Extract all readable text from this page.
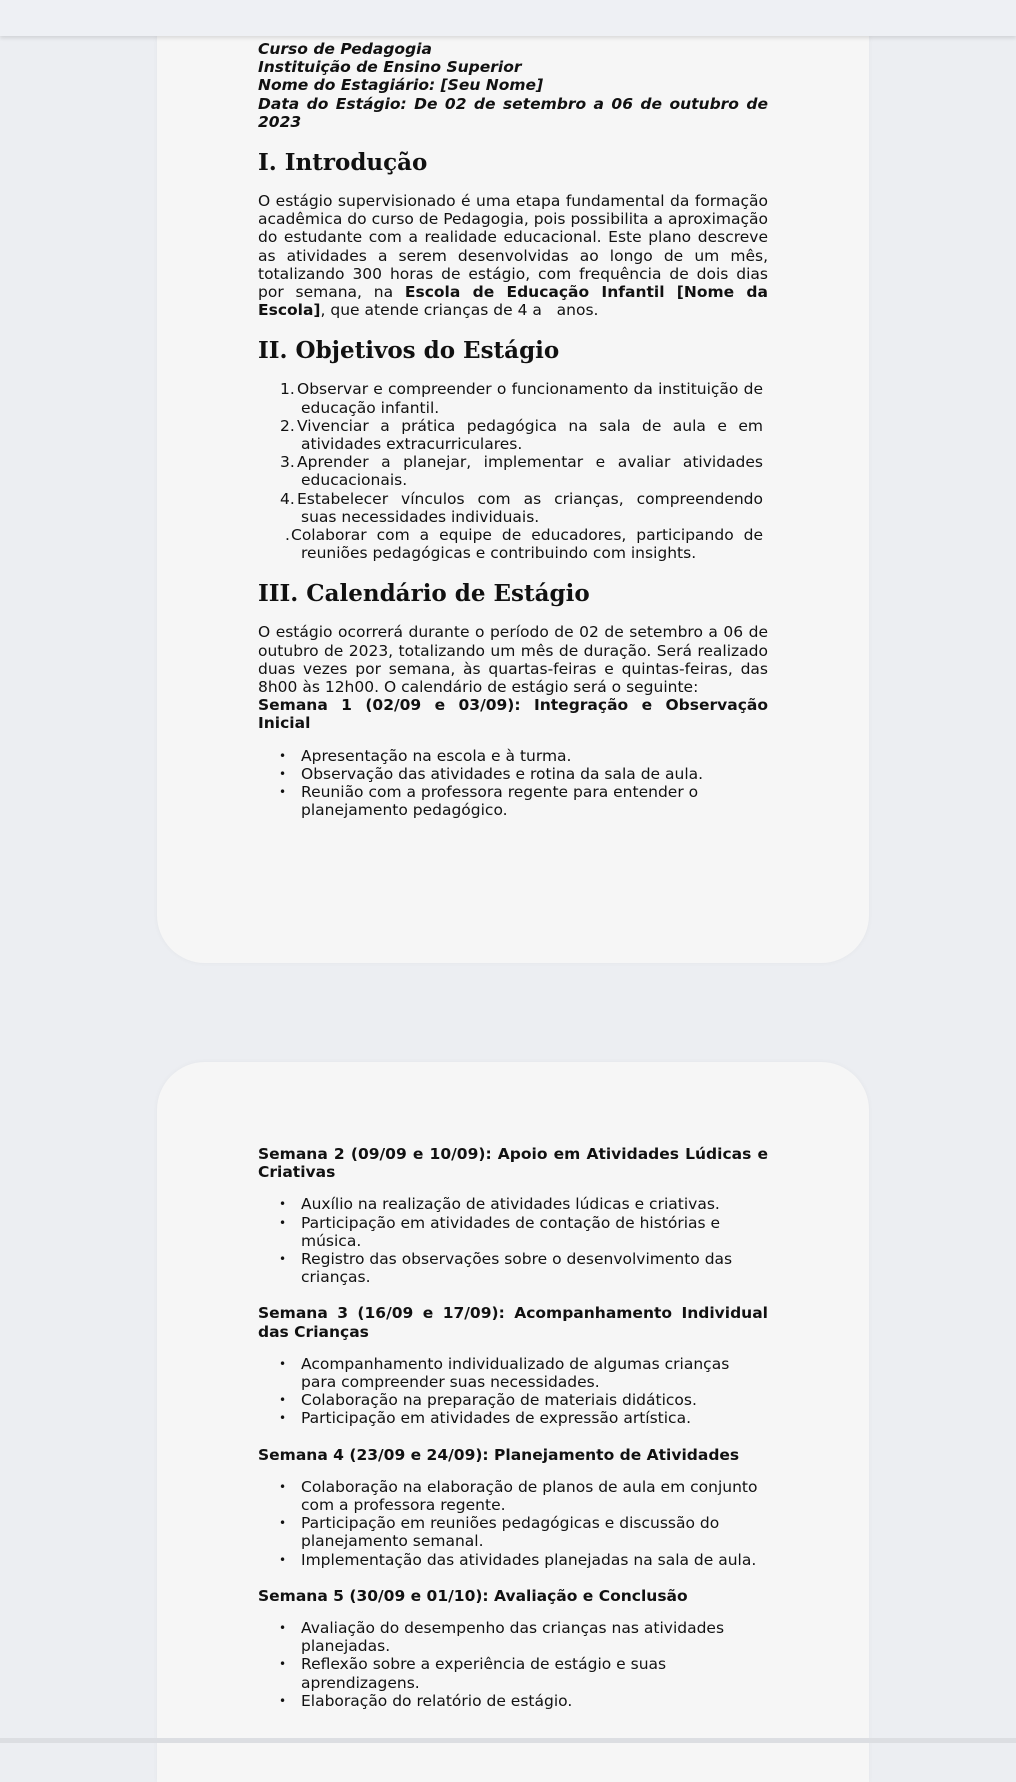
Curso de Pedagogia
Instituição de Ensino Superior
Nome do Estagiário: [Seu Nome]
Data do Estágio: De 02 de setembro a 06 de outubro de 2023
I. Introdução

O estágio supervisionado é uma etapa fundamental da formação acadêmica do curso de Pedagogia, pois possibilita a aproximação do estudante com a realidade educacional. Este plano descreve as atividades a serem desenvolvidas ao longo de um mês, totalizando 300 horas de estágio, com frequência de dois dias por semana, na Escola de Educação Infantil [Nome da Escola], que atende crianças de 4 a   anos.

II. Objetivos do Estágio
1. 1. Observar e compreender o funcionamento da instituição de educação infantil.
2. 2. Vivenciar a prática pedagógica na sala de aula e em atividades extracurriculares.
3. 3. Aprender a planejar, implementar e avaliar atividades educacionais.
4. 4. Estabelecer vínculos com as crianças, compreendendo suas necessidades individuais.
5. .Colaborar com a equipe de educadores, participando de reuniões pedagógicas e contribuindo com insights.
III. Calendário de Estágio

O estágio ocorrerá durante o período de 02 de setembro a 06 de outubro de 2023, totalizando um mês de duração. Será realizado duas vezes por semana, às quartas-feiras e quintas-feiras, das 8h00 às 12h00. O calendário de estágio será o seguinte:

Semana 1 (02/09 e 03/09): Integração e Observação Inicial
• Apresentação na escola e à turma.
• Observação das atividades e rotina da sala de aula.
• Reunião com a professora regente para entender o planejamento pedagógico.
Semana 2 (09/09 e 10/09): Apoio em Atividades Lúdicas e Criativas
• Auxílio na realização de atividades lúdicas e criativas.
• Participação em atividades de contação de histórias e música.
• Registro das observações sobre o desenvolvimento das crianças.
Semana 3 (16/09 e 17/09): Acompanhamento Individual das Crianças
• Acompanhamento individualizado de algumas crianças para compreender suas necessidades.
• Colaboração na preparação de materiais didáticos.
• Participação em atividades de expressão artística.
Semana 4 (23/09 e 24/09): Planejamento de Atividades
• Colaboração na elaboração de planos de aula em conjunto com a professora regente.
• Participação em reuniões pedagógicas e discussão do planejamento semanal.
• Implementação das atividades planejadas na sala de aula.
Semana 5 (30/09 e 01/10): Avaliação e Conclusão
• Avaliação do desempenho das crianças nas atividades planejadas.
• Reflexão sobre a experiência de estágio e suas aprendizagens.
• Elaboração do relatório de estágio.
